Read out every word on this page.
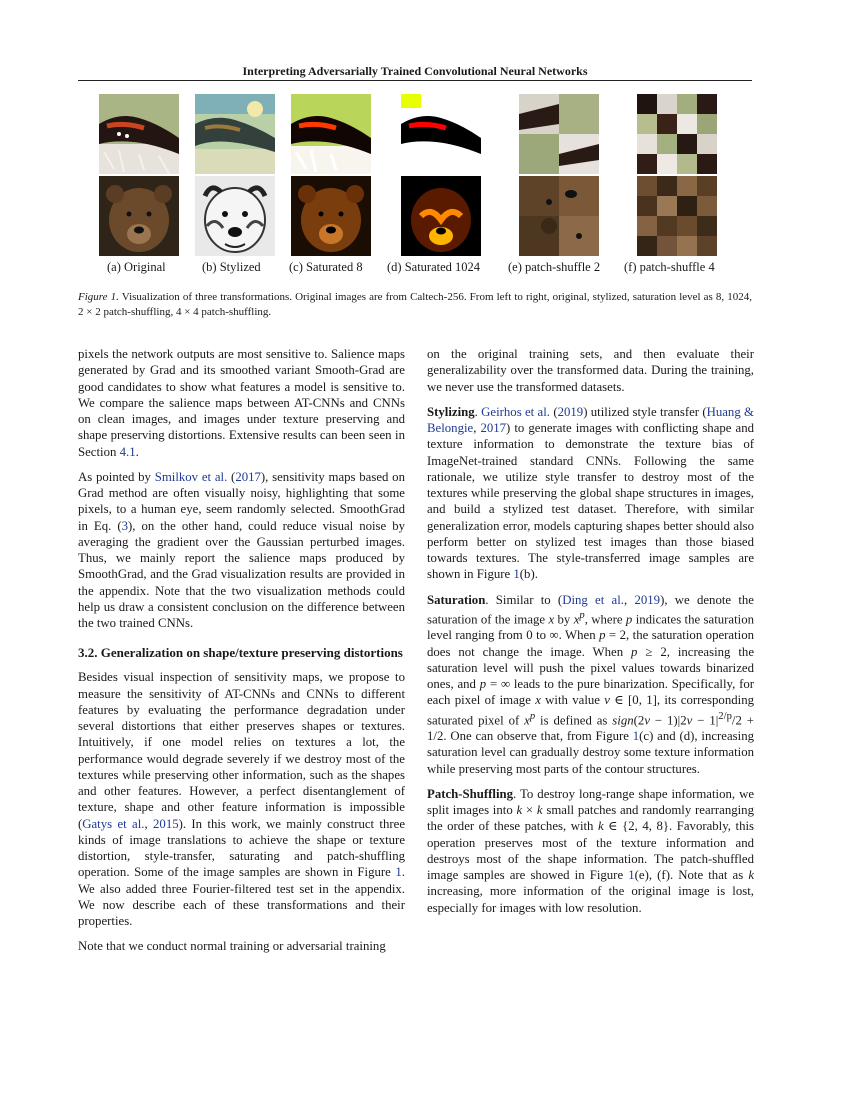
Interpreting Adversarially Trained Convolutional Neural Networks
(a) Original	(b) Stylized (c) Saturated 8 (d) Saturated 1024 (e) patch-shuffle 2 (f) patch-shuffle 4
Figure 1. Visualization of three transformations. Original images are from Caltech-256. From left to right, original, stylized, saturation level as 8, 1024, 2 × 2 patch-shuffling, 4 × 4 patch-shuffling.

pixels the network outputs are most sensitive to. Salience maps generated by Grad and its smoothed variant Smooth-Grad are good candidates to show what features a model is sensitive to. We compare the salience maps between AT-CNNs and CNNs on clean images, and images under texture preserving and shape preserving distortions. Extensive results can been seen in Section 4.1.

As pointed by Smilkov et al. (2017), sensitivity maps based on Grad method are often visually noisy, highlighting that some pixels, to a human eye, seem randomly selected. SmoothGrad in Eq. (3), on the other hand, could reduce visual noise by averaging the gradient over the Gaussian perturbed images. Thus, we mainly report the salience maps produced by SmoothGrad, and the Grad visualization results are provided in the appendix. Note that the two visualization methods could help us draw a consistent conclusion on the difference between the two trained CNNs.

3.2. Generalization on shape/texture preserving distortions

Besides visual inspection of sensitivity maps, we propose to measure the sensitivity of AT-CNNs and CNNs to different features by evaluating the performance degradation under several distortions that either preserves shapes or textures. Intuitively, if one model relies on textures a lot, the performance would degrade severely if we destroy most of the textures while preserving other information, such as the shapes and other features. However, a perfect disentanglement of texture, shape and other feature information is impossible (Gatys et al., 2015). In this work, we mainly construct three kinds of image translations to achieve the shape or texture distortion, style-transfer, saturating and patch-shuffling operation. Some of the image samples are shown in Figure 1. We also added three Fourier-filtered test set in the appendix. We now describe each of these transformations and their properties.

Note that we conduct normal training or adversarial training

on the original training sets, and then evaluate their generalizability over the transformed data. During the training, we never use the transformed datasets.

Stylizing. Geirhos et al. (2019) utilized style transfer (Huang & Belongie, 2017) to generate images with conflicting shape and texture information to demonstrate the texture bias of ImageNet-trained standard CNNs. Following the same rationale, we utilize style transfer to destroy most of the textures while preserving the global shape structures in images, and build a stylized test dataset. Therefore, with similar generalization error, models capturing shapes better should also perform better on stylized test images than those biased towards textures. The style-transferred image samples are shown in Figure 1(b).

Saturation. Similar to (Ding et al., 2019), we denote the saturation of the image x by $x^p$, where p indicates the saturation level ranging from 0 to ∞. When p = 2, the saturation operation does not change the image. When p ≥ 2, increasing the saturation level will push the pixel values towards binarized ones, and p = ∞ leads to the pure binarization. Specifically, for each pixel of image x with value v ∈ [0, 1], its corresponding saturated pixel of $x^p$ is defined as sign(2v − $1)|2v - 1|^{2/p}/2 + 1/2$. One can observe that, from Figure 1(c) and (d), increasing saturation level can gradually destroy some texture information while preserving most parts of the contour structures.

Patch-Shuffling. To destroy long-range shape information, we split images into k × k small patches and randomly rearranging the order of these patches, with k ∈ {2, 4, 8}. Favorably, this operation preserves most of the texture information and destroys most of the shape information. The patch-shuffled image samples are showed in Figure 1(e), (f). Note that as k increasing, more information of the original image is lost, especially for images with low resolution.
